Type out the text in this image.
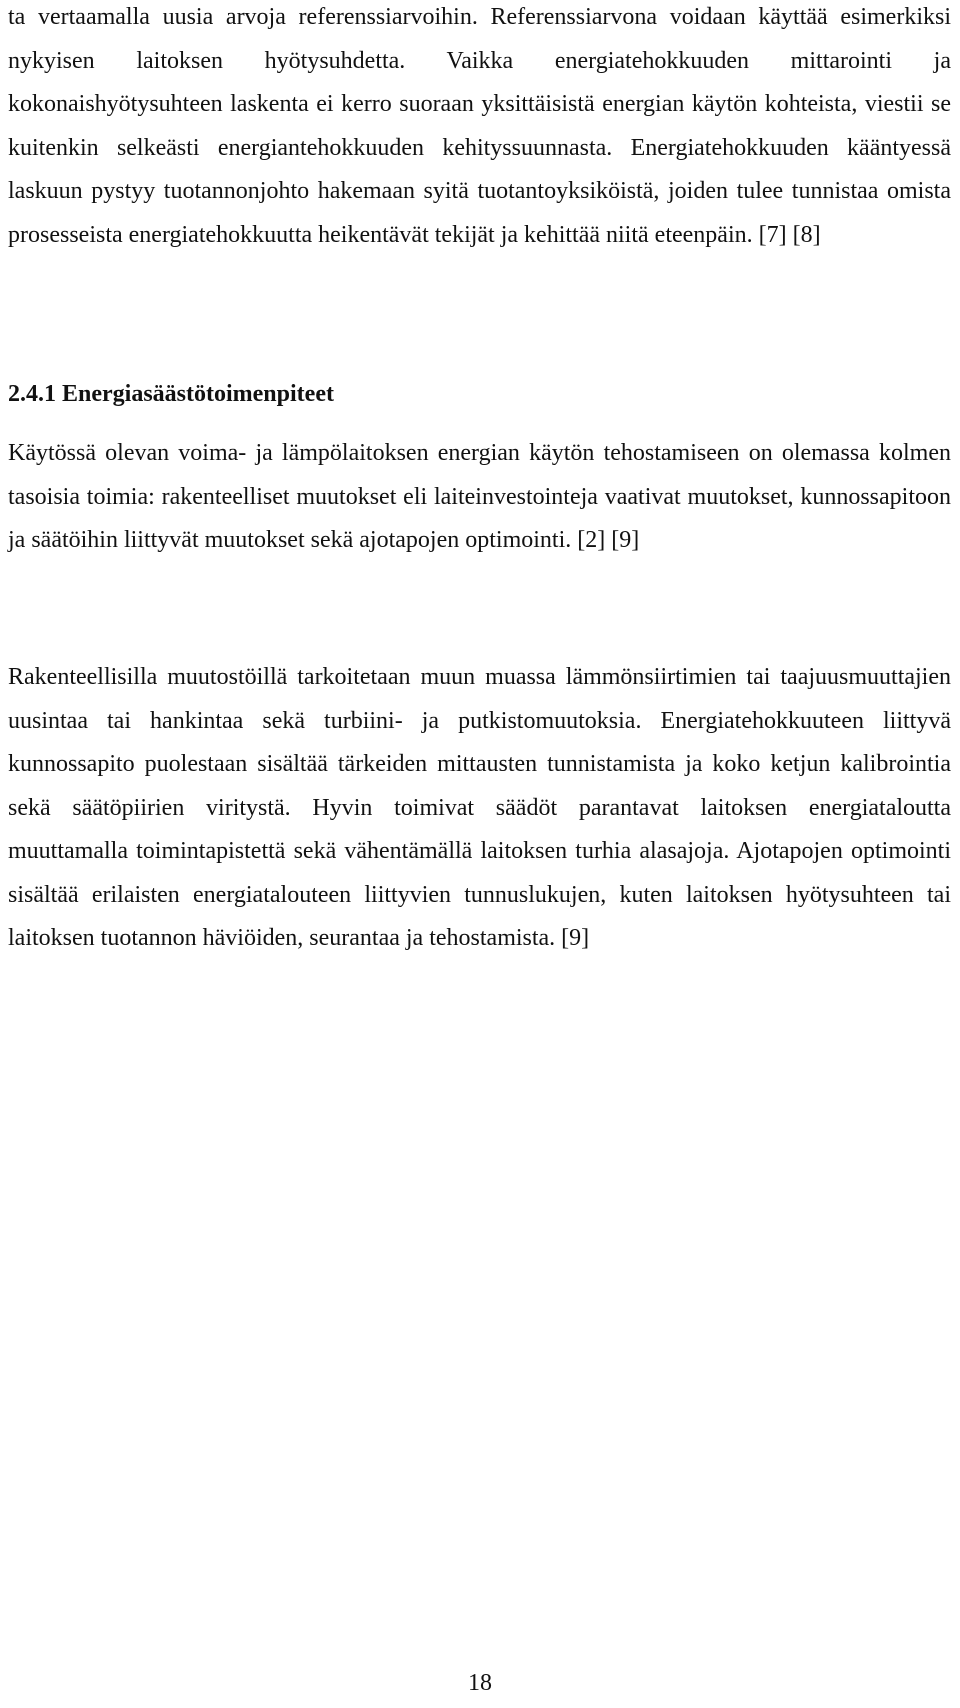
ta vertaamalla uusia arvoja referenssiarvoihin. Referenssiarvona voidaan käyttää esimerkiksi nykyisen laitoksen hyötysuhdetta. Vaikka energiatehokkuuden mittarointi ja kokonaishyötysuhteen laskenta ei kerro suoraan yksittäisistä energian käytön kohteista, viestii se kuitenkin selkeästi energiantehokkuuden kehityssuunnasta. Energiatehokkuuden kääntyessä laskuun pystyy tuotannonjohto hakemaan syitä tuotantoyksiköistä, joiden tulee tunnistaa omista prosesseista energiatehokkuutta heikentävät tekijät ja kehittää niitä eteenpäin. [7] [8]

2.4.1 Energiasäästötoimenpiteet

Käytössä olevan voima- ja lämpölaitoksen energian käytön tehostamiseen on olemassa kolmen tasoisia toimia: rakenteelliset muutokset eli laiteinvestointeja vaativat muutokset, kunnossapitoon ja säätöihin liittyvät muutokset sekä ajotapojen optimointi. [2] [9]

Rakenteellisilla muutostöillä tarkoitetaan muun muassa lämmönsiirtimien tai taajuusmuuttajien uusintaa tai hankintaa sekä turbiini- ja putkistomuutoksia. Energiatehokkuuteen liittyvä kunnossapito puolestaan sisältää tärkeiden mittausten tunnistamista ja koko ketjun kalibrointia sekä säätöpiirien viritystä. Hyvin toimivat säädöt parantavat laitoksen energiataloutta muuttamalla toimintapistettä sekä vähentämällä laitoksen turhia alasajoja. Ajotapojen optimointi sisältää erilaisten energiatalouteen liittyvien tunnuslukujen, kuten laitoksen hyötysuhteen tai laitoksen tuotannon häviöiden, seurantaa ja tehostamista. [9]

18
